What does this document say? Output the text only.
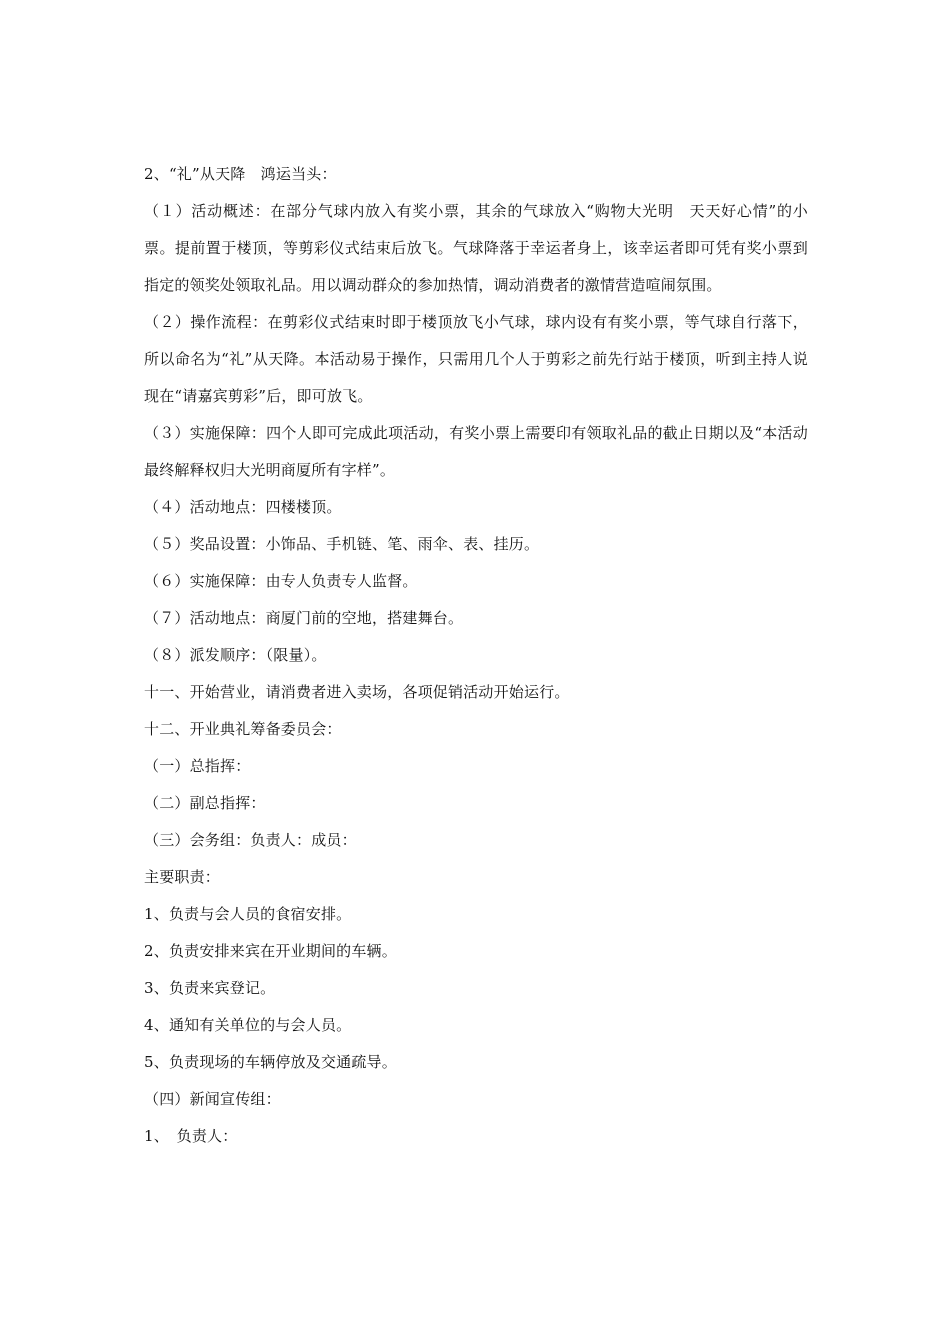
2、“礼”从天降　鸿运当头：

（１）活动概述：在部分气球内放入有奖小票，其余的气球放入“购物大光明　天天好心情”的小票。提前置于楼顶，等剪彩仪式结束后放飞。气球降落于幸运者身上，该幸运者即可凭有奖小票到指定的领奖处领取礼品。用以调动群众的参加热情，调动消费者的激情营造喧闹氛围。

（２）操作流程：在剪彩仪式结束时即于楼顶放飞小气球，球内设有有奖小票，等气球自行落下，所以命名为“礼”从天降。本活动易于操作，只需用几个人于剪彩之前先行站于楼顶，听到主持人说现在“请嘉宾剪彩”后，即可放飞。

（３）实施保障：四个人即可完成此项活动，有奖小票上需要印有领取礼品的截止日期以及“本活动最终解释权归大光明商厦所有字样”。

（４）活动地点：四楼楼顶。

（５）奖品设置：小饰品、手机链、笔、雨伞、表、挂历。

（６）实施保障：由专人负责专人监督。

（７）活动地点：商厦门前的空地，搭建舞台。

（８）派发顺序：（限量）。

十一、开始营业，请消费者进入卖场，各项促销活动开始运行。

十二、开业典礼筹备委员会：

（一）总指挥：

（二）副总指挥：

（三）会务组：负责人：成员：

主要职责：

1、负责与会人员的食宿安排。

2、负责安排来宾在开业期间的车辆。

3、负责来宾登记。

4、通知有关单位的与会人员。

5、负责现场的车辆停放及交通疏导。

（四）新闻宣传组：

1、　负责人：
